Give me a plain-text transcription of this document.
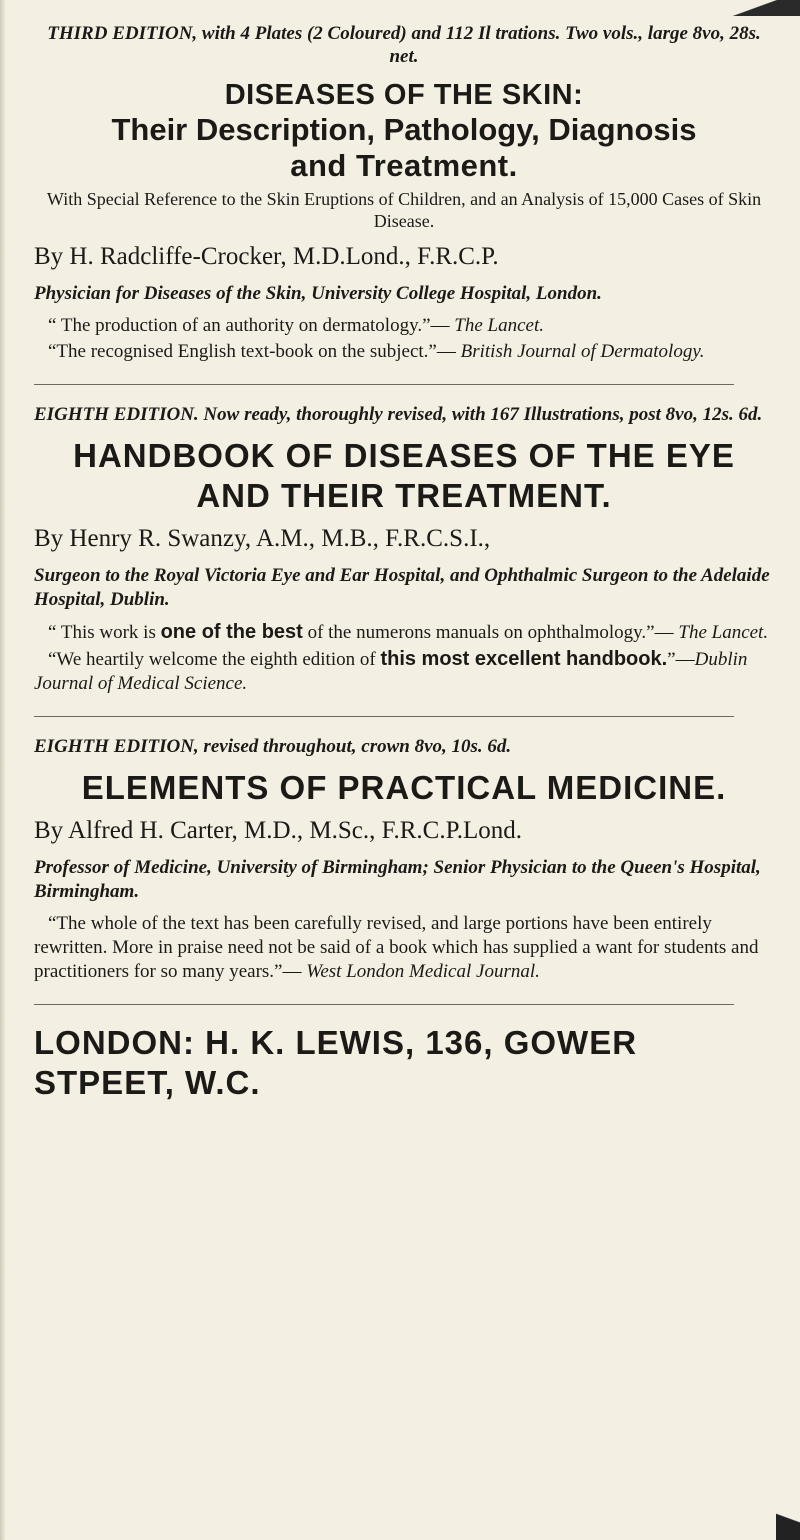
THIRD EDITION, with 4 Plates (2 Coloured) and 112 Il trations. Two vols., large 8vo, 28s. net.

DISEASES OF THE SKIN:

Their Description, Pathology, Diagnosis

and Treatment.

With Special Reference to the Skin Eruptions of Children, and an Analysis of 15,000 Cases of Skin Disease.

By H. Radcliffe-Crocker, M.D.Lond., F.R.C.P.

Physician for Diseases of the Skin, University College Hospital, London.

“ The production of an authority on dermatology.”— The Lancet.

“The recognised English text-book on the subject.”— British Journal of Dermatology.

EIGHTH EDITION. Now ready, thoroughly revised, with 167 Illustrations, post 8vo, 12s. 6d.

HANDBOOK OF DISEASES OF THE EYE

AND THEIR TREATMENT.

By Henry R. Swanzy, A.M., M.B., F.R.C.S.I.,

Surgeon to the Royal Victoria Eye and Ear Hospital, and Ophthalmic Surgeon to the Adelaide Hospital, Dublin.

“ This work is one of the best of the numerons manuals on ophthalmology.”— The Lancet.

“We heartily welcome the eighth edition of this most excellent handbook.”—Dublin Journal of Medical Science.

EIGHTH EDITION, revised throughout, crown 8vo, 10s. 6d.

ELEMENTS OF PRACTICAL MEDICINE.

By Alfred H. Carter, M.D., M.Sc., F.R.C.P.Lond.

Professor of Medicine, University of Birmingham; Senior Physician to the Queen's Hospital, Birmingham.

“The whole of the text has been carefully revised, and large portions have been entirely rewritten. More in praise need not be said of a book which has supplied a want for students and practitioners for so many years.”— West London Medical Journal.

LONDON: H. K. LEWIS, 136, GOWER STPEET, W.C.
